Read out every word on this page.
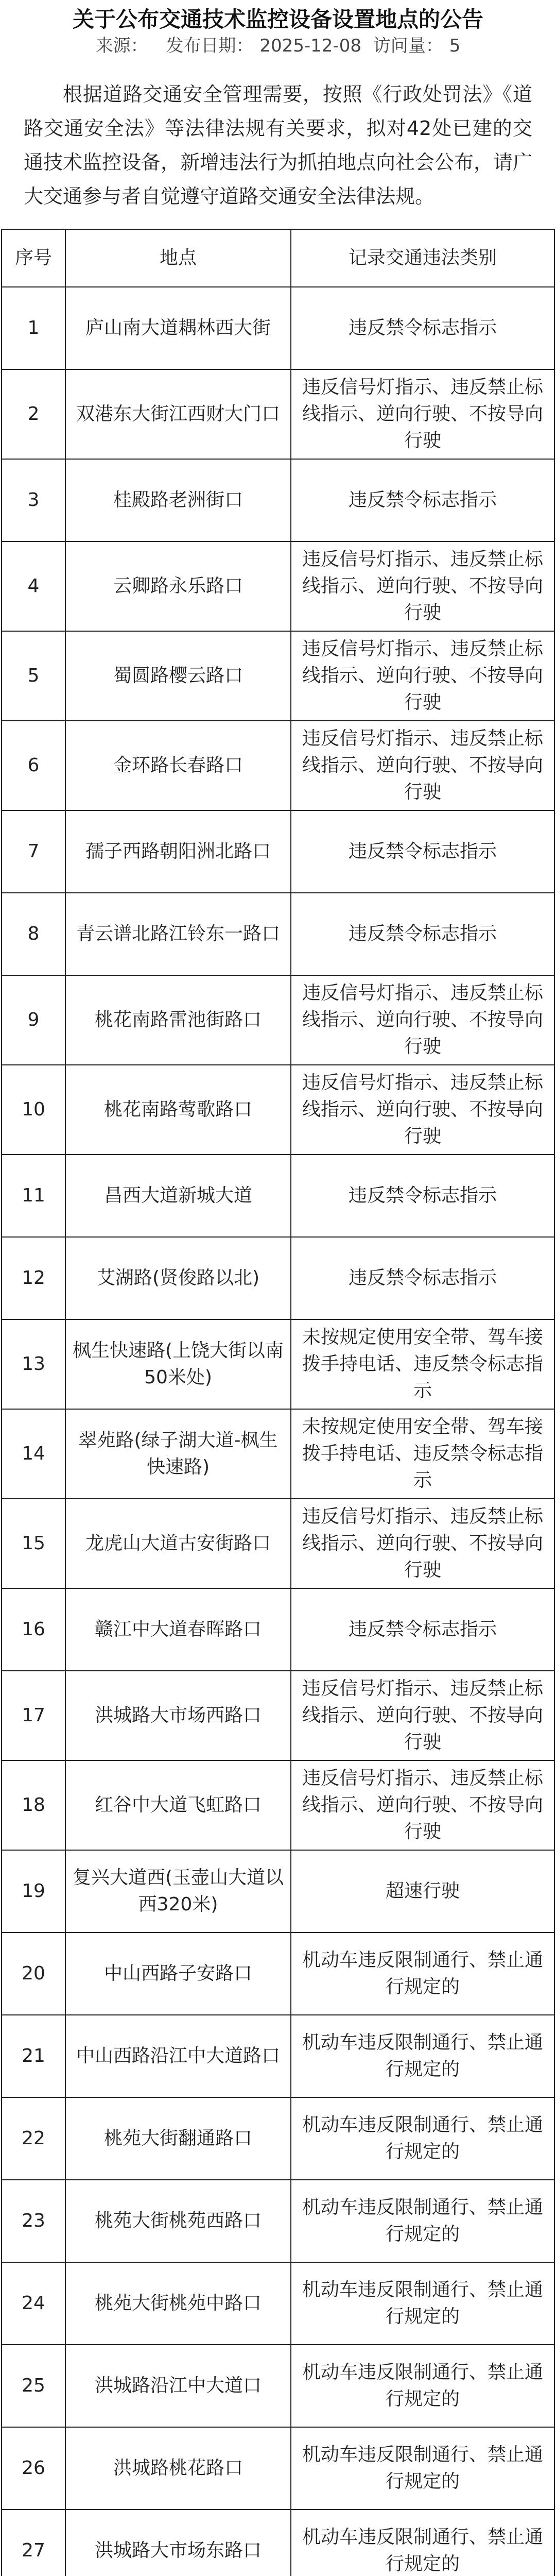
关于公布交通技术监控设备设置地点的公告
来源： 发布日期： 2025-12-08 访问量： 5

根据道路交通安全管理需要，按照《行政处罚法》《道路交通安全法》等法律法规有关要求，拟对42处已建的交通技术监控设备，新增违法行为抓拍地点向社会公布，请广大交通参与者自觉遵守道路交通安全法律法规。

序号	地点	记录交通违法类别
1	庐山南大道耦林西大街	违反禁令标志指示
2	双港东大街江西财大门口	违反信号灯指示、违反禁止标线指示、逆向行驶、不按导向行驶
3	桂殿路老洲街口	违反禁令标志指示
4	云卿路永乐路口	违反信号灯指示、违反禁止标线指示、逆向行驶、不按导向行驶
5	蜀圆路樱云路口	违反信号灯指示、违反禁止标线指示、逆向行驶、不按导向行驶
6	金环路长春路口	违反信号灯指示、违反禁止标线指示、逆向行驶、不按导向行驶
7	孺子西路朝阳洲北路口	违反禁令标志指示
8	青云谱北路江铃东一路口	违反禁令标志指示
9	桃花南路雷池街路口	违反信号灯指示、违反禁止标线指示、逆向行驶、不按导向行驶
10	桃花南路莺歌路口	违反信号灯指示、违反禁止标线指示、逆向行驶、不按导向行驶
11	昌西大道新城大道	违反禁令标志指示
12	艾湖路(贤俊路以北)	违反禁令标志指示
13	枫生快速路(上饶大街以南50米处)	未按规定使用安全带、驾车接拨手持电话、违反禁令标志指示
14	翠苑路(绿子湖大道-枫生快速路)	未按规定使用安全带、驾车接拨手持电话、违反禁令标志指示
15	龙虎山大道古安街路口	违反信号灯指示、违反禁止标线指示、逆向行驶、不按导向行驶
16	赣江中大道春晖路口	违反禁令标志指示
17	洪城路大市场西路口	违反信号灯指示、违反禁止标线指示、逆向行驶、不按导向行驶
18	红谷中大道飞虹路口	违反信号灯指示、违反禁止标线指示、逆向行驶、不按导向行驶
19	复兴大道西(玉壶山大道以西320米)	超速行驶
20	中山西路子安路口	机动车违反限制通行、禁止通行规定的
21	中山西路沿江中大道路口	机动车违反限制通行、禁止通行规定的
22	桃苑大街翻通路口	机动车违反限制通行、禁止通行规定的
23	桃苑大街桃苑西路口	机动车违反限制通行、禁止通行规定的
24	桃苑大街桃苑中路口	机动车违反限制通行、禁止通行规定的
25	洪城路沿江中大道口	机动车违反限制通行、禁止通行规定的
26	洪城路桃花路口	机动车违反限制通行、禁止通行规定的
27	洪城路大市场东路口	机动车违反限制通行、禁止通行规定的
